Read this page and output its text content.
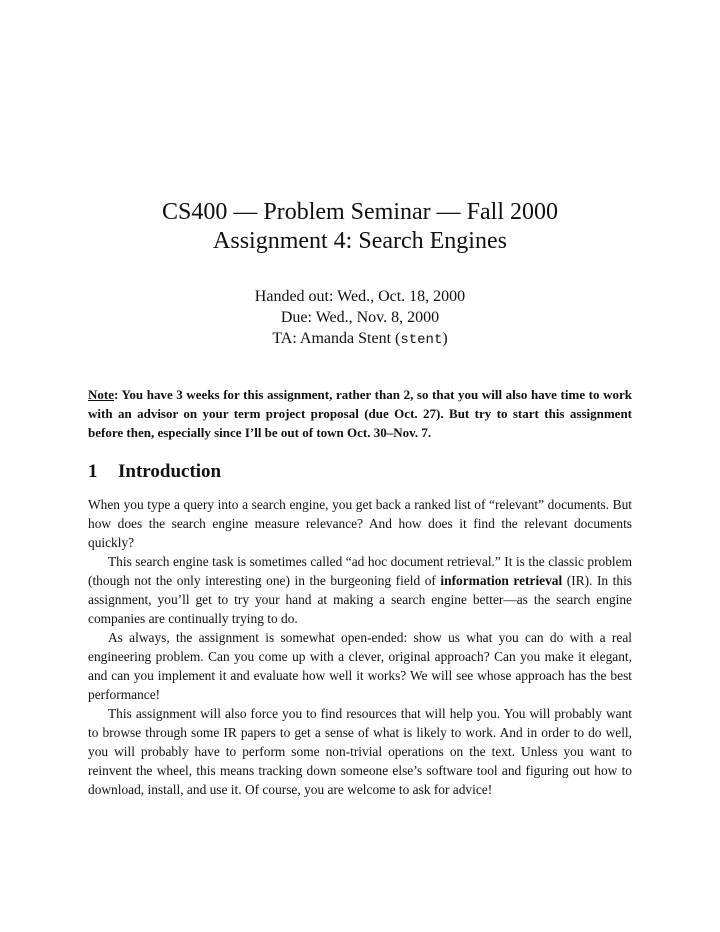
CS400 — Problem Seminar — Fall 2000
Assignment 4: Search Engines
Handed out: Wed., Oct. 18, 2000
Due: Wed., Nov. 8, 2000
TA: Amanda Stent (stent)
Note: You have 3 weeks for this assignment, rather than 2, so that you will also have time to work with an advisor on your term project proposal (due Oct. 27). But try to start this assignment before then, especially since I’ll be out of town Oct. 30–Nov. 7.
1 Introduction

When you type a query into a search engine, you get back a ranked list of “relevant” documents. But how does the search engine measure relevance? And how does it find the relevant documents quickly?

This search engine task is sometimes called “ad hoc document retrieval.” It is the classic problem (though not the only interesting one) in the burgeoning field of information retrieval (IR). In this assignment, you’ll get to try your hand at making a search engine better—as the search engine companies are continually trying to do.

As always, the assignment is somewhat open-ended: show us what you can do with a real engineering problem. Can you come up with a clever, original approach? Can you make it elegant, and can you implement it and evaluate how well it works? We will see whose approach has the best performance!

This assignment will also force you to find resources that will help you. You will probably want to browse through some IR papers to get a sense of what is likely to work. And in order to do well, you will probably have to perform some non-trivial operations on the text. Unless you want to reinvent the wheel, this means tracking down someone else’s software tool and figuring out how to download, install, and use it. Of course, you are welcome to ask for advice!
